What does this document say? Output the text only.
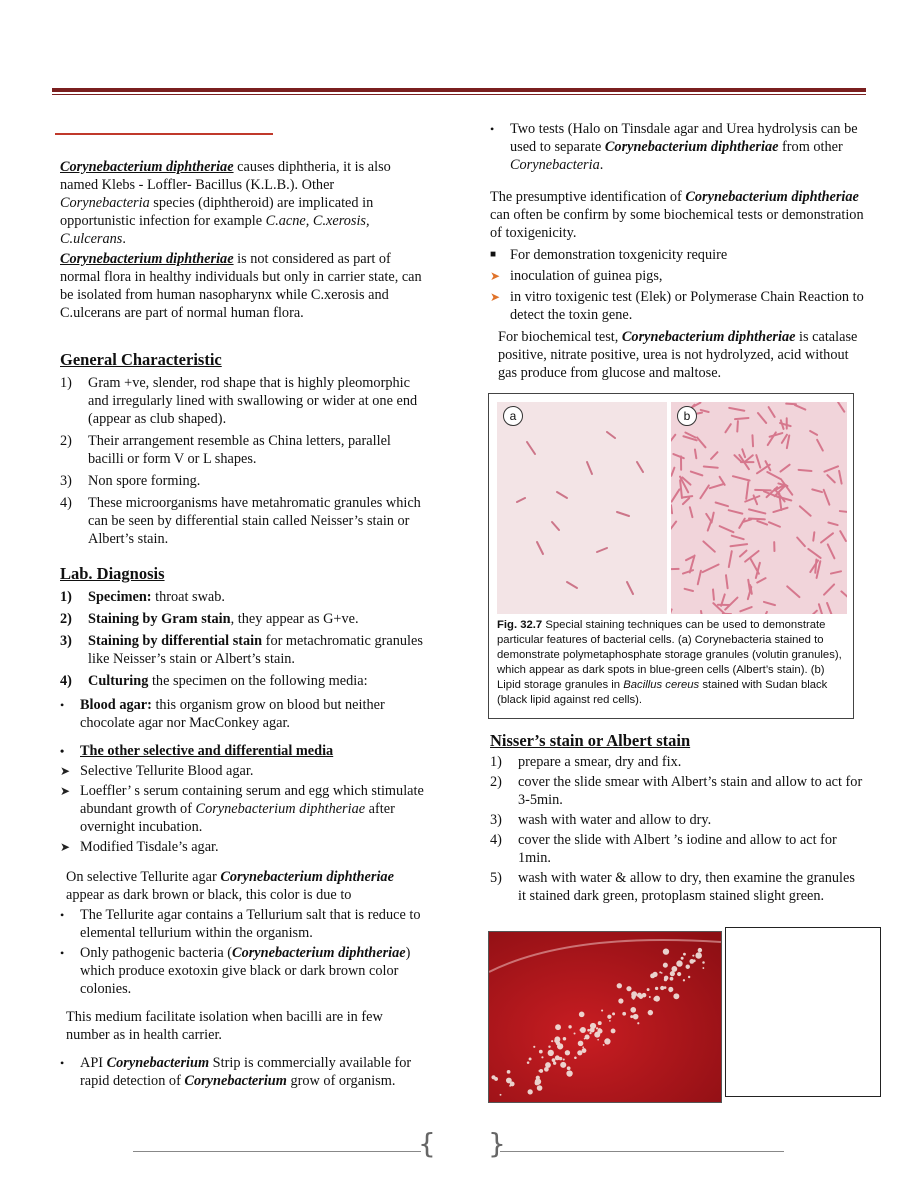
Corynebacterium diphtheriae causes diphtheria, it is also named Klebs - Loffler- Bacillus (K.L.B.). Other Corynebacteria species (diphtheroid) are implicated in opportunistic infection for example C.acne, C.xerosis, C.ulcerans.

Corynebacterium diphtheriae is not considered as part of normal flora in healthy individuals but only in carrier state, can be isolated from human nasopharynx while C.xerosis and C.ulcerans are part of normal human flora.

General Characteristic
1)	Gram +ve, slender, rod shape that is highly pleomorphic and irregularly lined with swallowing or wider at one end (appear as club shaped).
2)	Their arrangement resemble as China letters, parallel bacilli or form V or L shapes.
3)	Non spore forming.
4)	These microorganisms have metahromatic granules which can be seen by differential stain called Neisser’s stain or Albert’s stain.
Lab. Diagnosis
1)	Specimen: throat swab.
2)	Staining by Gram stain, they appear as G+ve.
3)	Staining by differential stain for metachromatic granules like Neisser’s stain or Albert’s stain.
4)	Culturing the specimen on the following media:
•	Blood agar: this organism grow on blood but neither chocolate agar nor MacConkey agar.
•	The other selective and differential media
➤ Selective Tellurite Blood agar.
➤ Loeffler’ s serum containing serum and egg which stimulate abundant growth of Corynebacterium diphtheriae after overnight incubation.
➤ Modified Tisdale’s agar.

On selective Tellurite agar Corynebacterium diphtheriae appear as dark brown or black, this color is due to

•	The Tellurite agar contains a Tellurium salt that is reduce to elemental tellurium within the organism.
•	Only pathogenic bacteria (Corynebacterium diphtheriae) which produce exotoxin give black or dark brown color colonies.

This medium facilitate isolation when bacilli are in few number as in health carrier.

•	API Corynebacterium Strip is commercially available for rapid detection of Corynebacterium grow of organism.
•	Two tests (Halo on Tinsdale agar and Urea hydrolysis can be used to separate Corynebacterium diphtheriae from other Corynebacteria.

The presumptive identification of Corynebacterium diphtheriae can often be confirm by some biochemical tests or demonstration of toxigenicity.

■ For demonstration toxgenicity require
➤ inoculation of guinea pigs,
➤ in vitro toxigenic test (Elek) or Polymerase Chain Reaction to detect the toxin gene.

For biochemical test, Corynebacterium diphtheriae is catalase positive, nitrate positive, urea is not hydrolyzed, acid without gas produce from glucose and maltose.

a	b
Fig. 32.7 Special staining techniques can be used to demonstrate particular features of bacterial cells. (a) Corynebacteria stained to demonstrate polymetaphosphate storage granules (volutin granules), which appear as dark spots in blue-green cells (Albert’s stain). (b) Lipid storage granules in Bacillus cereus stained with Sudan black (black lipid against red cells).
Nisser’s stain or Albert stain
1)	prepare a smear, dry and fix.
2)	cover the slide smear with Albert’s stain and allow to act for 3-5min.
3)	wash with water and allow to dry.
4)	cover the slide with Albert ’s iodine and allow to act for 1min.
5)	wash with water & allow to dry, then examine the granules it stained dark green, protoplasm stained slight green.
{ }
